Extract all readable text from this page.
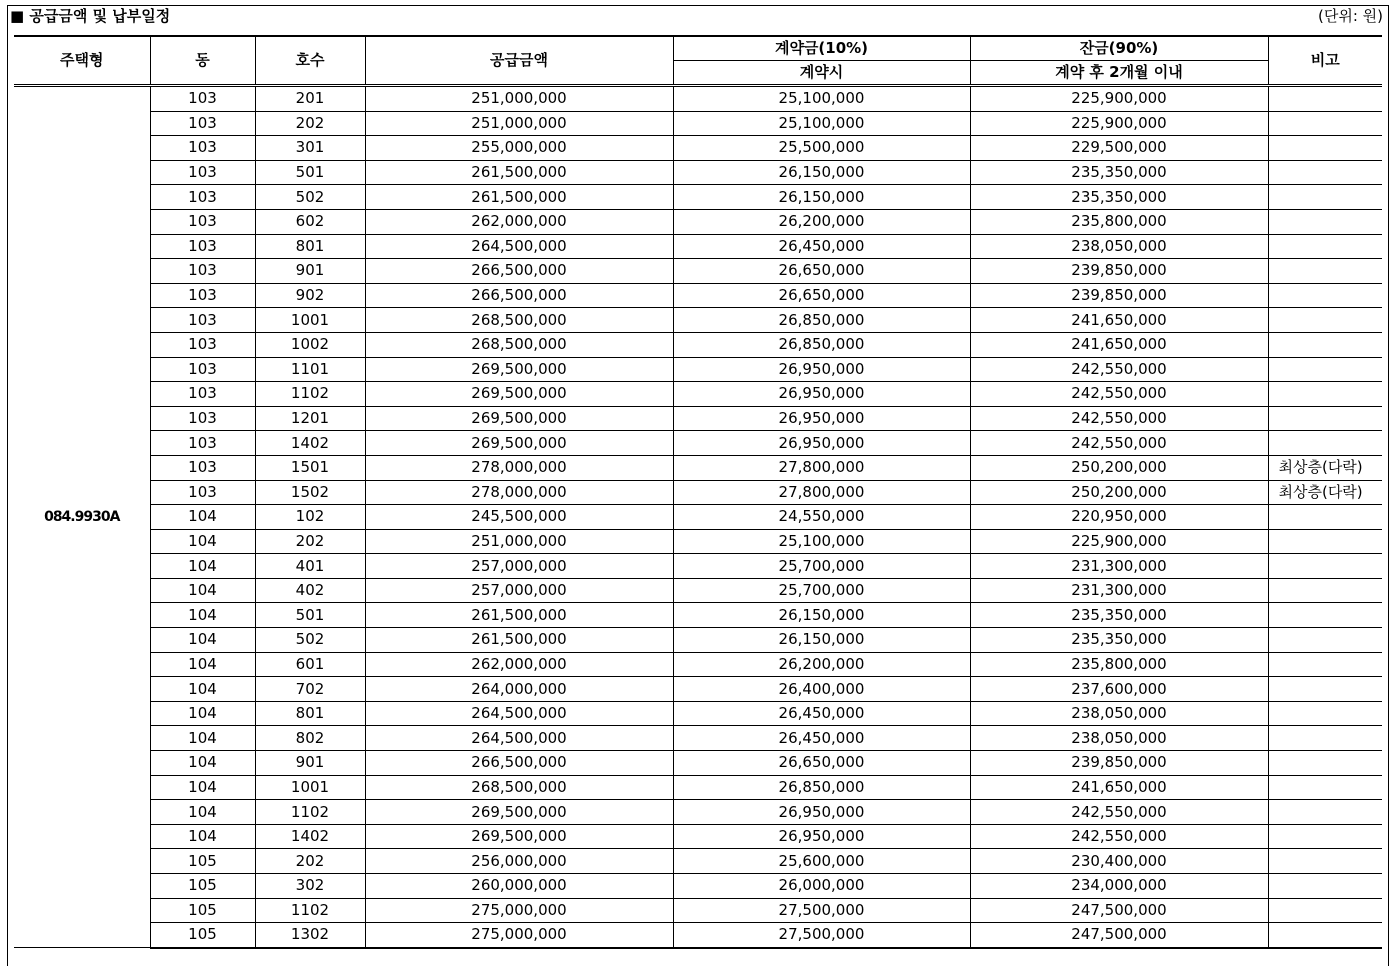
■ 공급금액 및 납부일정	(단위: 원)
주택형	동	호수	공급금액	계약금(10%)	잔금(90%)	비고
				계약시	계약 후 2개월 이내	
084.9930A	103	201	251,000,000	25,100,000	225,900,000	
	103	202	251,000,000	25,100,000	225,900,000	
	103	301	255,000,000	25,500,000	229,500,000	
	103	501	261,500,000	26,150,000	235,350,000	
	103	502	261,500,000	26,150,000	235,350,000	
	103	602	262,000,000	26,200,000	235,800,000	
	103	801	264,500,000	26,450,000	238,050,000	
	103	901	266,500,000	26,650,000	239,850,000	
	103	902	266,500,000	26,650,000	239,850,000	
	103	1001	268,500,000	26,850,000	241,650,000	
	103	1002	268,500,000	26,850,000	241,650,000	
	103	1101	269,500,000	26,950,000	242,550,000	
	103	1102	269,500,000	26,950,000	242,550,000	
	103	1201	269,500,000	26,950,000	242,550,000	
	103	1402	269,500,000	26,950,000	242,550,000	
	103	1501	278,000,000	27,800,000	250,200,000	최상층(다락)
	103	1502	278,000,000	27,800,000	250,200,000	최상층(다락)
	104	102	245,500,000	24,550,000	220,950,000	
	104	202	251,000,000	25,100,000	225,900,000	
	104	401	257,000,000	25,700,000	231,300,000	
	104	402	257,000,000	25,700,000	231,300,000	
	104	501	261,500,000	26,150,000	235,350,000	
	104	502	261,500,000	26,150,000	235,350,000	
	104	601	262,000,000	26,200,000	235,800,000	
	104	702	264,000,000	26,400,000	237,600,000	
	104	801	264,500,000	26,450,000	238,050,000	
	104	802	264,500,000	26,450,000	238,050,000	
	104	901	266,500,000	26,650,000	239,850,000	
	104	1001	268,500,000	26,850,000	241,650,000	
	104	1102	269,500,000	26,950,000	242,550,000	
	104	1402	269,500,000	26,950,000	242,550,000	
	105	202	256,000,000	25,600,000	230,400,000	
	105	302	260,000,000	26,000,000	234,000,000	
	105	1102	275,000,000	27,500,000	247,500,000	
	105	1302	275,000,000	27,500,000	247,500,000	
